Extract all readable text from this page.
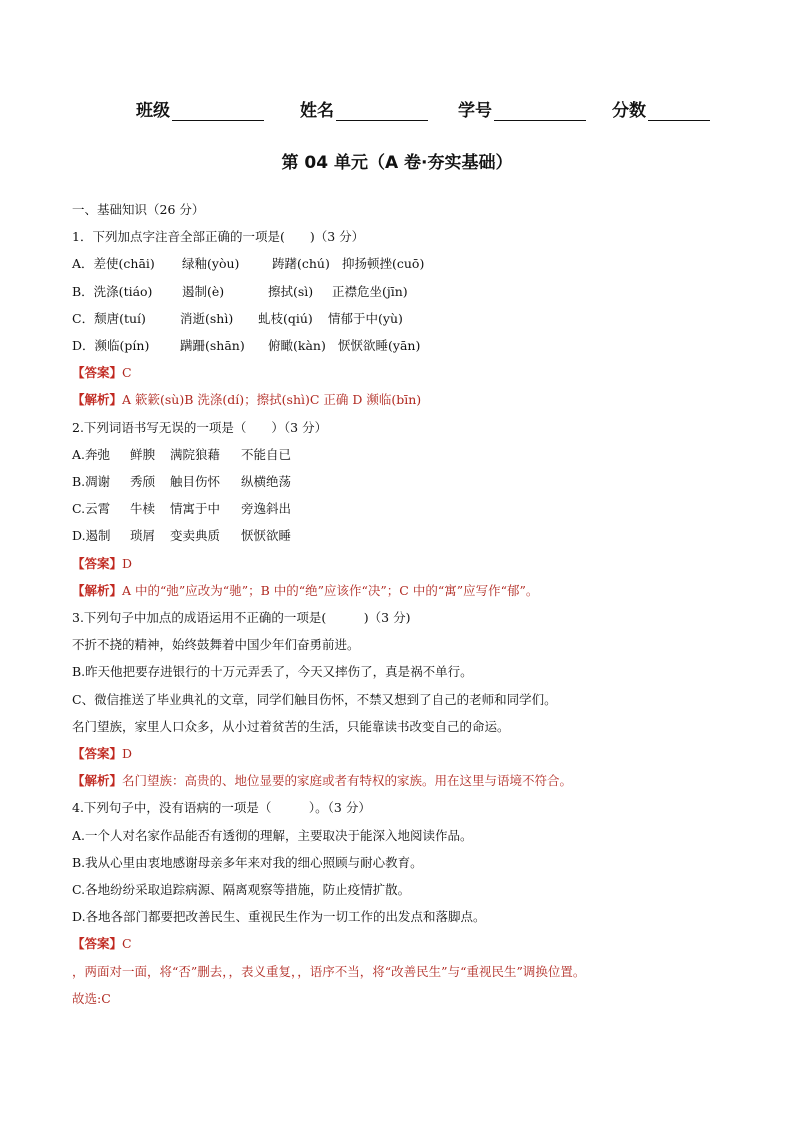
班级	姓名	学号	分数
第 04 单元（A 卷·夯实基础）
一、基础知识（26 分）
1．下列加点字注音全部正确的一项是(　　)（3 分）
A．差使(chāi) 绿釉(yòu)	踌躇(chú) 抑扬顿挫(cuō)
B．洗涤(tiáo) 遏制(è)	擦拭(sì) 正襟危坐(jīn)
C．颓唐(tuí)	消逝(shì) 虬枝(qiú) 情郁于中(yù)
D．濒临(pín) 蹒跚(shān) 俯瞰(kàn) 恹恹欲睡(yān)
【答案】C
【解析】A 簌簌(sù)B 洗涤(dí)；擦拭(shì)C 正确 D 濒临(bīn)
2.下列词语书写无误的一项是（　　）（3 分）
A.奔弛 鲜腴 满院狼藉 不能自已
B.凋谢 秀颀 触目伤怀 纵横绝荡
C.云霄 牛椟 情寓于中 旁逸斜出
D.遏制 琐屑 变卖典质 恹恹欲睡
【答案】D
【解析】A 中的“弛”应改为“驰”；B 中的“绝”应该作“决”；C 中的“寓”应写作“郁”。
3.下列句子中加点的成语运用不正确的一项是(　　　)（3 分)
不折不挠的精神，始终鼓舞着中国少年们奋勇前进。
B.昨天他把要存进银行的十万元弄丢了，今天又摔伤了，真是祸不单行。
C、微信推送了毕业典礼的文章，同学们触目伤怀，不禁又想到了自己的老师和同学们。
名门望族，家里人口众多，从小过着贫苦的生活，只能靠读书改变自己的命运。
【答案】D
【解析】名门望族：高贵的、地位显要的家庭或者有特权的家族。用在这里与语境不符合。
4.下列句子中，没有语病的一项是（　　　）。（3 分）
A.一个人对名家作品能否有透彻的理解，主要取决于能深入地阅读作品。
B.我从心里由衷地感谢母亲多年来对我的细心照顾与耐心教育。
C.各地纷纷采取追踪病源、隔离观察等措施，防止疫情扩散。
D.各地各部门都要把改善民生、重视民生作为一切工作的出发点和落脚点。
【答案】C
，两面对一面，将“否”删去，，表义重复，，语序不当，将“改善民生”与“重视民生”调换位置。
故选:C
